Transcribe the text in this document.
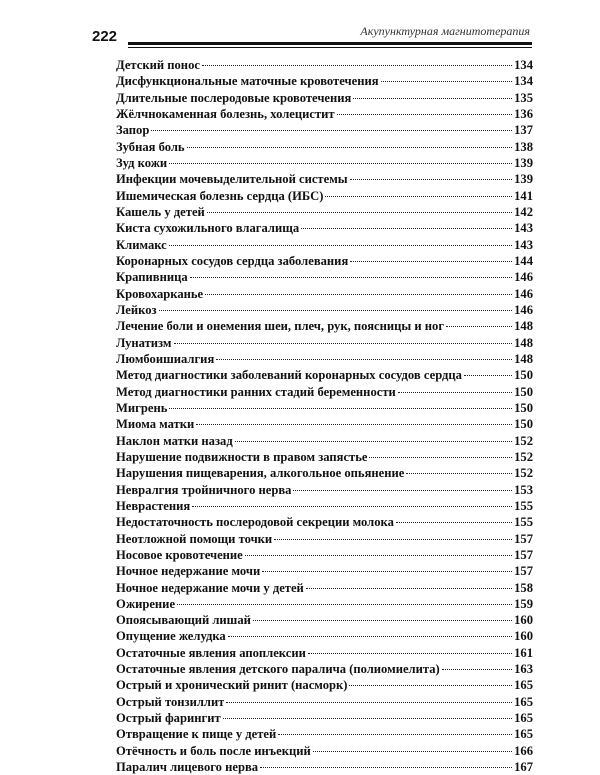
222	Акупунктурная магнитотерапия
Детский понос	134
Дисфункциональные маточные кровотечения	134
Длительные послеродовые кровотечения	135
Жёлчнокаменная болезнь, холецистит	136
Запор	137
Зубная боль	138
Зуд кожи	139
Инфекции мочевыделительной системы	139
Ишемическая болезнь сердца (ИБС)	141
Кашель у детей	142
Киста сухожильного влагалища	143
Климакс	143
Коронарных сосудов сердца заболевания	144
Крапивница	146
Кровохарканье	146
Лейкоз	146
Лечение боли и онемения шеи, плеч, рук, поясницы и ног	148
Лунатизм	148
Люмбоишиалгия	148
Метод диагностики заболеваний коронарных сосудов сердца	150
Метод диагностики ранних стадий беременности	150
Мигрень	150
Миома матки	150
Наклон матки назад	152
Нарушение подвижности в правом запястье	152
Нарушения пищеварения, алкогольное опьянение	152
Невралгия тройничного нерва	153
Неврастения	155
Недостаточность послеродовой секреции молока	155
Неотложной помощи точки	157
Носовое кровотечение	157
Ночное недержание мочи	157
Ночное недержание мочи у детей	158
Ожирение	159
Опоясывающий лишай	160
Опущение желудка	160
Остаточные явления апоплексии	161
Остаточные явления детского паралича (полиомиелита)	163
Острый и хронический ринит (насморк)	165
Острый тонзиллит	165
Острый фарингит	165
Отвращение к пище у детей	165
Отёчность и боль после инъекций	166
Паралич лицевого нерва	167
